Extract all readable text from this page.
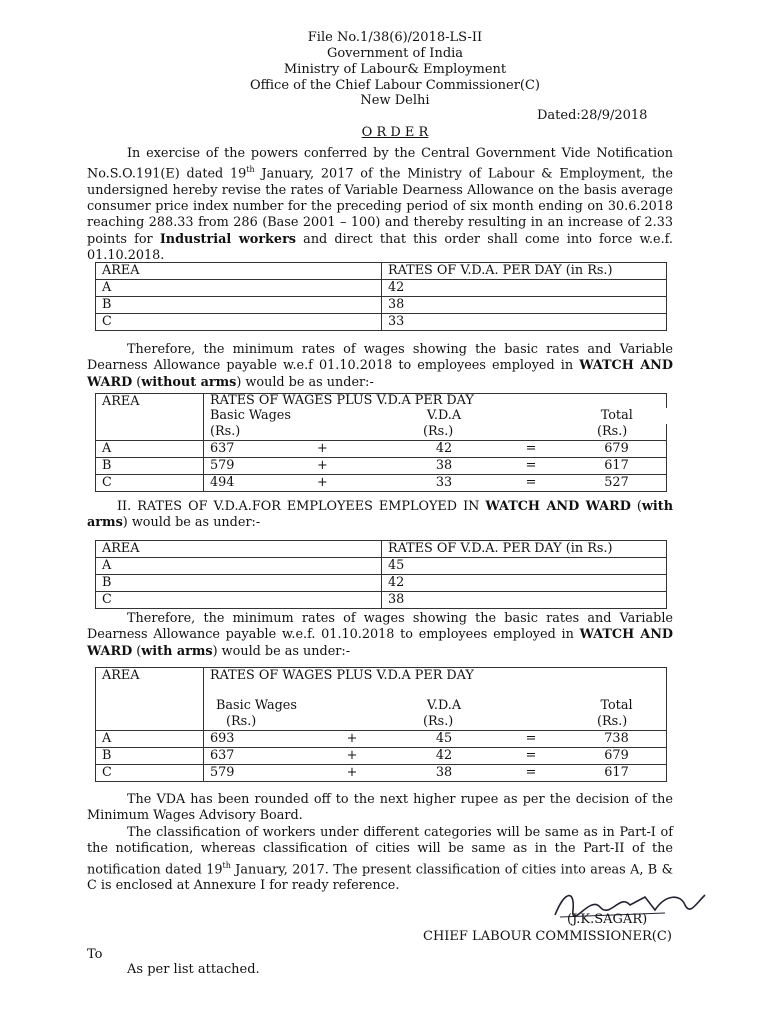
File No.1/38(6)/2018-LS-II
Government of India
Ministry of Labour& Employment
Office of the Chief Labour Commissioner(C)
New Delhi
Dated:28/9/2018
O R D E R
In exercise of the powers conferred by the Central Government Vide Notification No.S.O.191(E) dated 19th January, 2017 of the Ministry of Labour & Employment, the undersigned hereby revise the rates of Variable Dearness Allowance on the basis average consumer price index number for the preceding period of six month ending on 30.6.2018 reaching 288.33 from 286 (Base 2001 – 100) and thereby resulting in an increase of 2.33 points for Industrial workers and direct that this order shall come into force w.e.f. 01.10.2018.
AREA	RATES OF V.D.A. PER DAY (in Rs.)
A	42
B	38
C	33
Therefore, the minimum rates of wages showing the basic rates and Variable Dearness Allowance payable w.e.f 01.10.2018 to employees employed in WATCH AND WARD (without arms) would be as under:-
AREA	RATES OF WAGES PLUS V.D.A PER DAY				
	Basic Wages		V.D.A		Total
	(Rs.)		(Rs.)		(Rs.)
A	637	+	42	=	679
B	579	+	38	=	617
C	494	+	33	=	527
II. RATES OF V.D.A.FOR EMPLOYEES EMPLOYED IN WATCH AND WARD (with arms) would be as under:-
AREA	RATES OF V.D.A. PER DAY (in Rs.)
A	45
B	42
C	38
Therefore, the minimum rates of wages showing the basic rates and Variable Dearness Allowance payable w.e.f. 01.10.2018 to employees employed in WATCH AND WARD (with arms) would be as under:-
AREA	RATES OF WAGES PLUS V.D.A PER DAY				
	Basic Wages		V.D.A		Total
	(Rs.)		(Rs.)		(Rs.)
A	693	+	45	=	738
B	637	+	42	=	679
C	579	+	38	=	617
The VDA has been rounded off to the next higher rupee as per the decision of the Minimum Wages Advisory Board.
The classification of workers under different categories will be same as in Part-I of the notification, whereas classification of cities will be same as in the Part-II of the notification dated 19th January, 2017. The present classification of cities into areas A, B & C is enclosed at Annexure I for ready reference.
(J.K.SAGAR)
CHIEF LABOUR COMMISSIONER(C)
To
As per list attached.
